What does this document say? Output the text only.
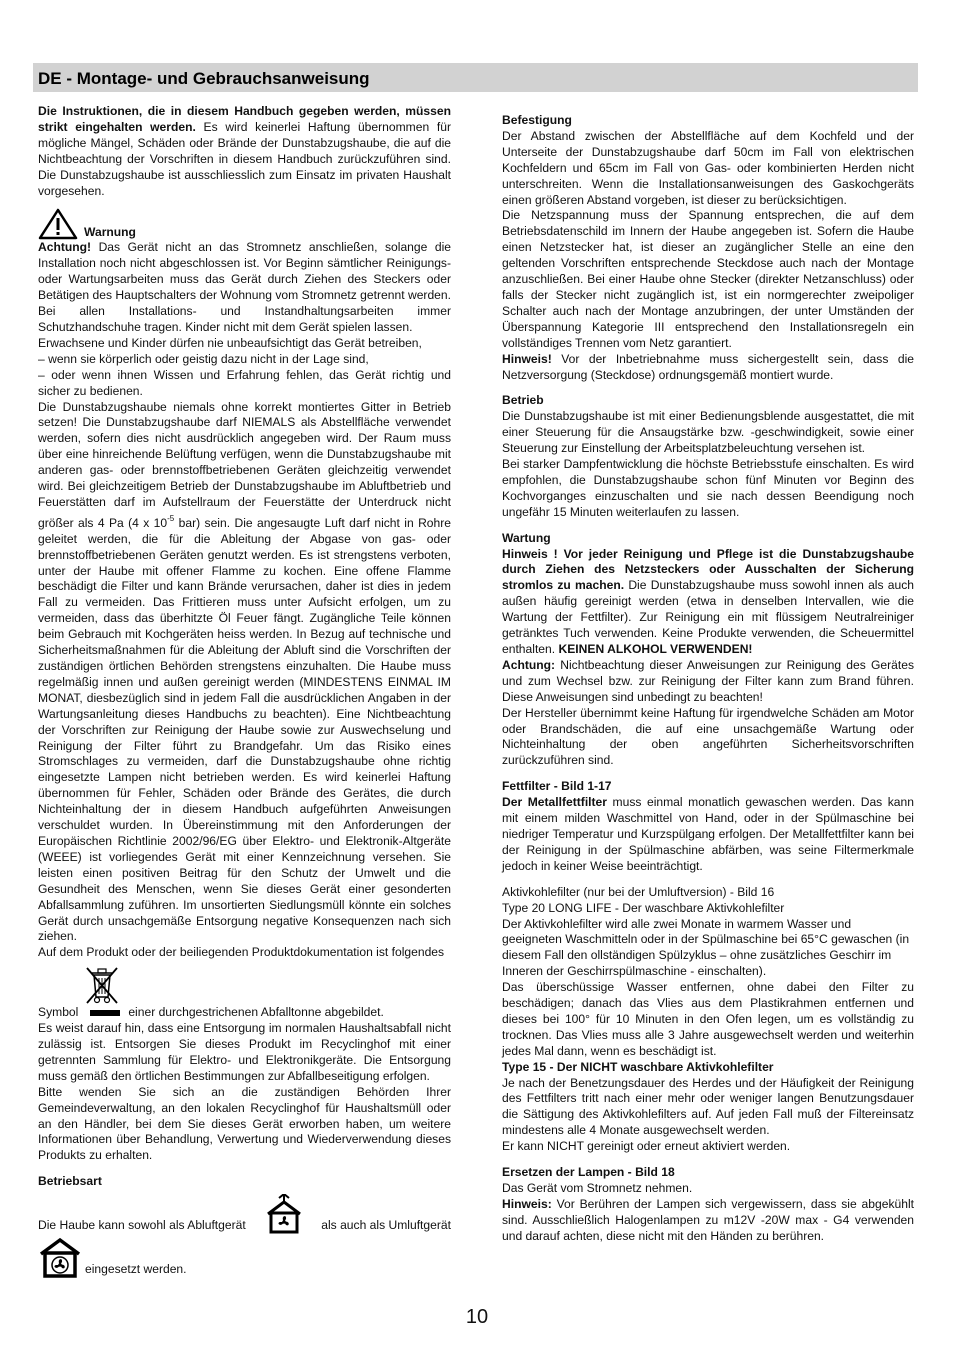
DE - Montage- und Gebrauchsanweisung

Die Instruktionen, die in diesem Handbuch gegeben werden, müssen strikt eingehalten werden. Es wird keinerlei Haftung übernommen für mögliche Mängel, Schäden oder Brände der Dunstabzugshaube, die auf die Nichtbeachtung der Vorschriften in diesem Handbuch zurückzuführen sind. Die Dunstabzugshaube ist ausschliesslich zum Einsatz im privaten Haushalt vorgesehen.

Warnung

Achtung! Das Gerät nicht an das Stromnetz anschließen, solange die Installation noch nicht abgeschlossen ist. Vor Beginn sämtlicher Reinigungs- oder Wartungsarbeiten muss das Gerät durch Ziehen des Steckers oder Betätigen des Hauptschalters der Wohnung vom Stromnetz getrennt werden. Bei allen Installations- und Instandhaltungsarbeiten immer Schutzhandschuhe tragen. Kinder nicht mit dem Gerät spielen lassen.

Erwachsene und Kinder dürfen nie unbeaufsichtigt das Gerät betreiben,

– wenn sie körperlich oder geistig dazu nicht in der Lage sind,

– oder wenn ihnen Wissen und Erfahrung fehlen, das Gerät richtig und sicher zu bedienen.

Die Dunstabzugshaube niemals ohne korrekt montiertes Gitter in Betrieb setzen! Die Dunstabzugshaube darf NIEMALS als Abstellfläche verwendet werden, sofern dies nicht ausdrücklich angegeben wird. Der Raum muss über eine hinreichende Belüftung verfügen, wenn die Dunstabzugshaube mit anderen gas- oder brennstoffbetriebenen Geräten gleichzeitig verwendet wird. Bei gleichzeitigem Betrieb der Dunstabzugshaube im Abluftbetrieb und Feuerstätten darf im Aufstellraum der Feuerstätte der Unterdruck nicht größer als 4 Pa (4 x $10^{-5}$ bar) sein. Die angesaugte Luft darf nicht in Rohre geleitet werden, die für die Ableitung der Abgase von gas- oder brennstoffbetriebenen Geräten genutzt werden. Es ist strengstens verboten, unter der Haube mit offener Flamme zu kochen. Eine offene Flamme beschädigt die Filter und kann Brände verursachen, daher ist dies in jedem Fall zu vermeiden. Das Frittieren muss unter Aufsicht erfolgen, um zu vermeiden, dass das überhitzte Öl Feuer fängt. Zugängliche Teile können beim Gebrauch mit Kochgeräten heiss werden. In Bezug auf technische und Sicherheitsmaßnahmen für die Ableitung der Abluft sind die Vorschriften der zuständigen örtlichen Behörden strengstens einzuhalten. Die Haube muss regelmäßig innen und außen gereinigt werden (MINDESTENS EINMAL IM MONAT, diesbezüglich sind in jedem Fall die ausdrücklichen Angaben in der Wartungsanleitung dieses Handbuchs zu beachten). Eine Nichtbeachtung der Vorschriften zur Reinigung der Haube sowie zur Auswechselung und Reinigung der Filter führt zu Brandgefahr. Um das Risiko eines Stromschlages zu vermeiden, darf die Dunstabzugshaube ohne richtig eingesetzte Lampen nicht betrieben werden. Es wird keinerlei Haftung übernommen für Fehler, Schäden oder Brände des Gerätes, die durch Nichteinhaltung der in diesem Handbuch aufgeführten Anweisungen verschuldet wurden. In Übereinstimmung mit den Anforderungen der Europäischen Richtlinie 2002/96/EG über Elektro- und Elektronik-Altgeräte (WEEE) ist vorliegendes Gerät mit einer Kennzeichnung versehen. Sie leisten einen positiven Beitrag für den Schutz der Umwelt und die Gesundheit des Menschen, wenn Sie dieses Gerät einer gesonderten Abfallsammlung zuführen. Im unsortierten Siedlungsmüll könnte ein solches Gerät durch unsachgemäße Entsorgung negative Konsequenzen nach sich ziehen.

Auf dem Produkt oder der beiliegenden Produktdokumentation ist folgendes

Symbol	einer durchgestrichenen Abfalltonne abgebildet.

Es weist darauf hin, dass eine Entsorgung im normalen Haushaltsabfall nicht zulässig ist. Entsorgen Sie dieses Produkt im Recyclinghof mit einer getrennten Sammlung für Elektro- und Elektronikgeräte. Die Entsorgung muss gemäß den örtlichen Bestimmungen zur Abfallbeseitigung erfolgen.

Bitte wenden Sie sich an die zuständigen Behörden Ihrer Gemeindeverwaltung, an den lokalen Recyclinghof für Haushaltsmüll oder an den Händler, bei dem Sie dieses Gerät erworben haben, um weitere Informationen über Behandlung, Verwertung und Wiederverwendung dieses Produkts zu erhalten.

Betriebsart
Die Haube kann sowohl als Abluftgerät	als auch als Umluftgerät
eingesetzt werden.
Befestigung

Der Abstand zwischen der Abstellfläche auf dem Kochfeld und der Unterseite der Dunstabzugshaube darf 50cm im Fall von elektrischen Kochfeldern und 65cm im Fall von Gas- oder kombinierten Herden nicht unterschreiten. Wenn die Installationsanweisungen des Gaskochgeräts einen größeren Abstand vorgeben, ist dieser zu berücksichtigen.

Die Netzspannung muss der Spannung entsprechen, die auf dem Betriebsdatenschild im Innern der Haube angegeben ist. Sofern die Haube einen Netzstecker hat, ist dieser an zugänglicher Stelle an eine den geltenden Vorschriften entsprechende Steckdose auch nach der Montage anzuschließen. Bei einer Haube ohne Stecker (direkter Netzanschluss) oder falls der Stecker nicht zugänglich ist, ist ein normgerechter zweipoliger Schalter auch nach der Montage anzubringen, der unter Umständen der Überspannung Kategorie III entsprechend den Installationsregeln ein vollständiges Trennen vom Netz garantiert.

Hinweis! Vor der Inbetriebnahme muss sichergestellt sein, dass die Netzversorgung (Steckdose) ordnungsgemäß montiert wurde.

Betrieb

Die Dunstabzugshaube ist mit einer Bedienungsblende ausgestattet, die mit einer Steuerung für die Ansaugstärke bzw. -geschwindigkeit, sowie einer Steuerung zur Einstellung der Arbeitsplatzbeleuchtung versehen ist.

Bei starker Dampfentwicklung die höchste Betriebsstufe einschalten. Es wird empfohlen, die Dunstabzugshaube schon fünf Minuten vor Beginn des Kochvorganges einzuschalten und sie nach dessen Beendigung noch ungefähr 15 Minuten weiterlaufen zu lassen.

Wartung

Hinweis ! Vor jeder Reinigung und Pflege ist die Dunstabzugshaube durch Ziehen des Netzsteckers oder Ausschalten der Sicherung stromlos zu machen. Die Dunstabzugshaube muss sowohl innen als auch außen häufig gereinigt werden (etwa in denselben Intervallen, wie die Wartung der Fettfilter). Zur Reinigung ein mit flüssigem Neutralreiniger getränktes Tuch verwenden. Keine Produkte verwenden, die Scheuermittel enthalten. KEINEN ALKOHOL VERWENDEN!

Achtung: Nichtbeachtung dieser Anweisungen zur Reinigung des Gerätes und zum Wechsel bzw. zur Reinigung der Filter kann zum Brand führen. Diese Anweisungen sind unbedingt zu beachten!

Der Hersteller übernimmt keine Haftung für irgendwelche Schäden am Motor oder Brandschäden, die auf eine unsachgemäße Wartung oder Nichteinhaltung der oben angeführten Sicherheitsvorschriften zurückzuführen sind.

Fettfilter - Bild 1-17

Der Metallfettfilter muss einmal monatlich gewaschen werden. Das kann mit einem milden Waschmittel von Hand, oder in der Spülmaschine bei niedriger Temperatur und Kurzspülgang erfolgen. Der Metallfettfilter kann bei der Reinigung in der Spülmaschine abfärben, was seine Filtermerkmale jedoch in keiner Weise beeinträchtigt.

Aktivkohlefilter (nur bei der Umluftversion) - Bild 16

Type 20 LONG LIFE - Der waschbare Aktivkohlefilter

Der Aktivkohlefilter wird alle zwei Monate in warmem Wasser und geeigneten Waschmitteln oder in der Spülmaschine bei 65°C gewaschen (in diesem Fall den ollständigen Spülzyklus – ohne zusätzliches Geschirr im Inneren der Geschirrspülmaschine - einschalten).

Das überschüssige Wasser entfernen, ohne dabei den Filter zu beschädigen; danach das Vlies aus dem Plastikrahmen entfernen und dieses bei 100° für 10 Minuten in den Ofen legen, um es vollständig zu trocknen. Das Vlies muss alle 3 Jahre ausgewechselt werden und weiterhin jedes Mal dann, wenn es beschädigt ist.

Type 15 - Der NICHT waschbare Aktivkohlefilter

Je nach der Benetzungsdauer des Herdes und der Häufigkeit der Reinigung des Fettfilters tritt nach einer mehr oder weniger langen Benutzungsdauer die Sättigung des Aktivkohlefilters auf. Auf jeden Fall muß der Filtereinsatz mindestens alle 4 Monate ausgewechselt werden.

Er kann NICHT gereinigt oder erneut aktiviert werden.

Ersetzen der Lampen - Bild 18

Das Gerät vom Stromnetz nehmen.

Hinweis: Vor Berühren der Lampen sich vergewissern, dass sie abgekühlt sind. Ausschließlich Halogenlampen zu m12V -20W max - G4 verwenden und darauf achten, diese nicht mit den Händen zu berühren.

10
